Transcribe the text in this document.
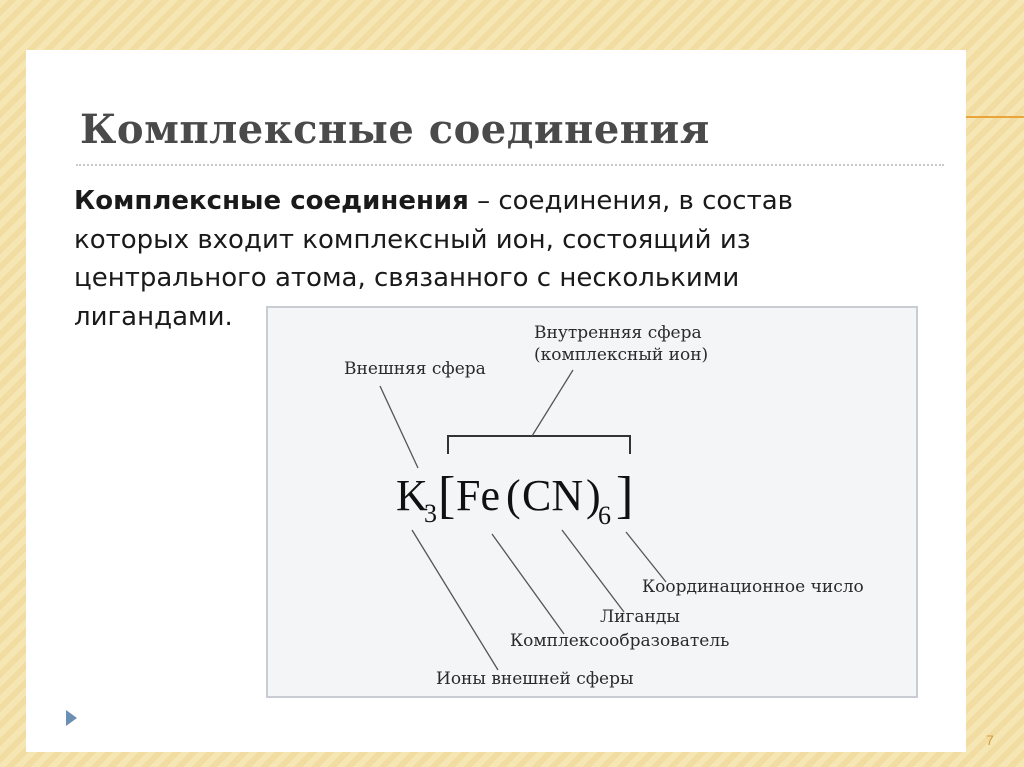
Комплексные соединения

Комплексные соединения – соединения, в состав
которых входит комплексный ион, состоящий из
центрального атома, связанного с несколькими
лигандами.

K
3 [ Fe ( CN )
6 ]
Внутренняя сфера
(комплексный ион)
Внешняя сфера
Координационное число
Лиганды
Комплексообразователь
Ионы внешней сферы
7
